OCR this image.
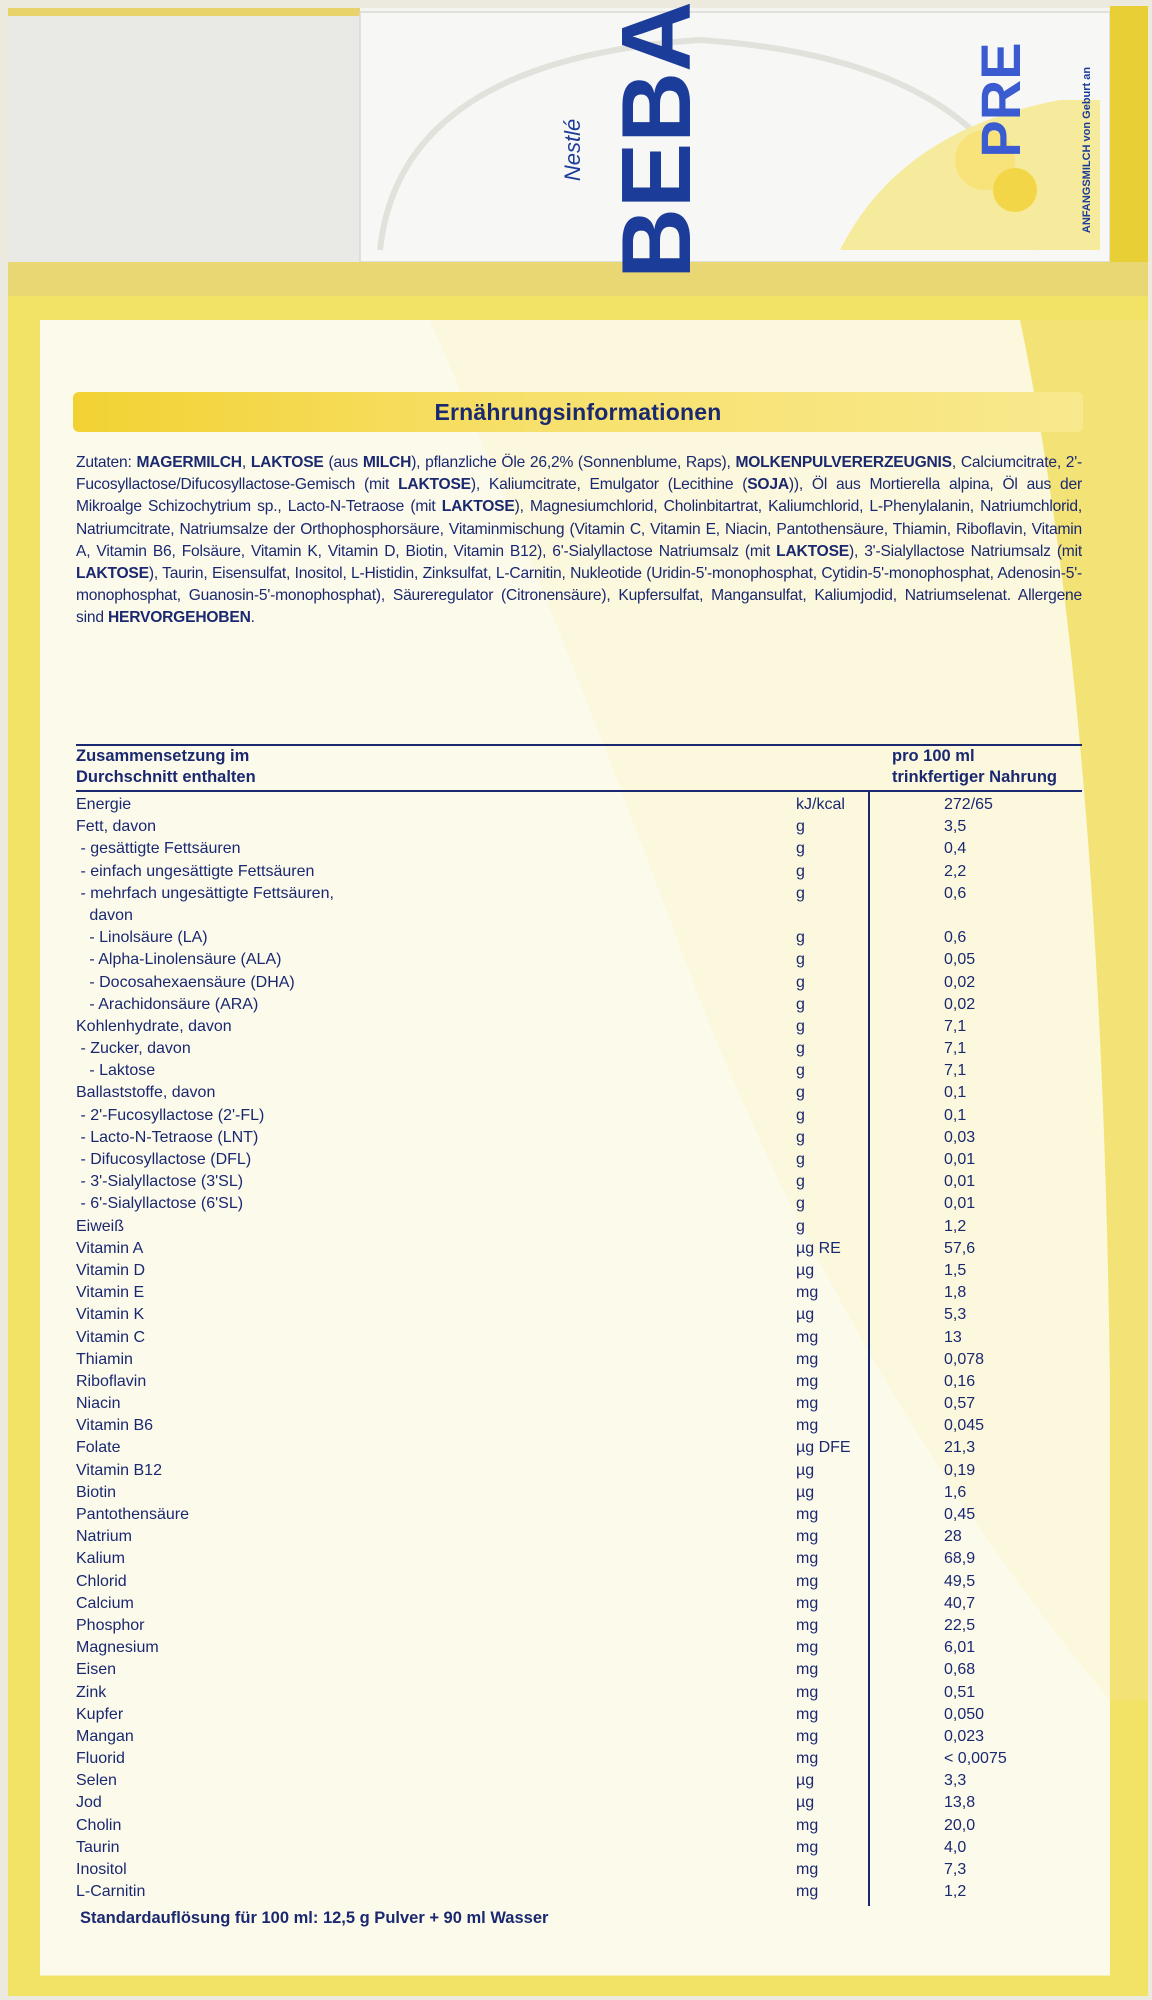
BEBA
Nestlé	PRE	ANFANGSMILCH von Geburt an
Ernährungsinformationen
Zutaten: MAGERMILCH, LAKTOSE (aus MILCH), pflanzliche Öle 26,2% (Sonnenblume, Raps), MOLKENPULVERERZEUGNIS, Calciumcitrate, 2'-Fucosyllactose/Difucosyllactose-Gemisch (mit LAKTOSE), Kaliumcitrate, Emulgator (Lecithine (SOJA)), Öl aus Mortierella alpina, Öl aus der Mikroalge Schizochytrium sp., Lacto-N-Tetraose (mit LAKTOSE), Magnesiumchlorid, Cholinbitartrat, Kaliumchlorid, L-Phenylalanin, Natriumchlorid, Natriumcitrate, Natriumsalze der Orthophosphorsäure, Vitaminmischung (Vitamin C, Vitamin E, Niacin, Pantothensäure, Thiamin, Riboflavin, Vitamin A, Vitamin B6, Folsäure, Vitamin K, Vitamin D, Biotin, Vitamin B12), 6'-Sialyllactose Natriumsalz (mit LAKTOSE), 3'-Sialyllactose Natriumsalz (mit LAKTOSE), Taurin, Eisensulfat, Inositol, L-Histidin, Zinksulfat, L-Carnitin, Nukleotide (Uridin-5'-monophosphat, Cytidin-5'-monophosphat, Adenosin-5'-monophosphat, Guanosin-5'-monophosphat), Säureregulator (Citronensäure), Kupfersulfat, Mangansulfat, Kaliumjodid, Natriumselenat. Allergene sind HERVORGEHOBEN.
Zusammensetzung im
Durchschnitt enthalten
pro 100 ml
trinkfertiger Nahrung
Energie	kJ/kcal	272/65
Fett, davon	g	3,5
- gesättigte Fettsäuren	g	0,4
- einfach ungesättigte Fettsäuren	g	2,2
- mehrfach ungesättigte Fettsäuren,	g	0,6
davon
- Linolsäure (LA)	g	0,6
- Alpha-Linolensäure (ALA)	g	0,05
- Docosahexaensäure (DHA)	g	0,02
- Arachidonsäure (ARA)	g	0,02
Kohlenhydrate, davon	g	7,1
- Zucker, davon	g	7,1
- Laktose	g	7,1
Ballaststoffe, davon	g	0,1
- 2'-Fucosyllactose (2'-FL)	g	0,1
- Lacto-N-Tetraose (LNT)	g	0,03
- Difucosyllactose (DFL)	g	0,01
- 3'-Sialyllactose (3'SL)	g	0,01
- 6'-Sialyllactose (6'SL)	g	0,01
Eiweiß	g	1,2
Vitamin A	µg RE	57,6
Vitamin D	µg	1,5
Vitamin E	mg	1,8
Vitamin K	µg	5,3
Vitamin C	mg	13
Thiamin	mg	0,078
Riboflavin	mg	0,16
Niacin	mg	0,57
Vitamin B6	mg	0,045
Folate	µg DFE	21,3
Vitamin B12	µg	0,19
Biotin	µg	1,6
Pantothensäure	mg	0,45
Natrium	mg	28
Kalium	mg	68,9
Chlorid	mg	49,5
Calcium	mg	40,7
Phosphor	mg	22,5
Magnesium	mg	6,01
Eisen	mg	0,68
Zink	mg	0,51
Kupfer	mg	0,050
Mangan	mg	0,023
Fluorid	mg	< 0,0075
Selen	µg	3,3
Jod	µg	13,8
Cholin	mg	20,0
Taurin	mg	4,0
Inositol	mg	7,3
L-Carnitin	mg	1,2
Standardauflösung für 100 ml: 12,5 g Pulver + 90 ml Wasser
